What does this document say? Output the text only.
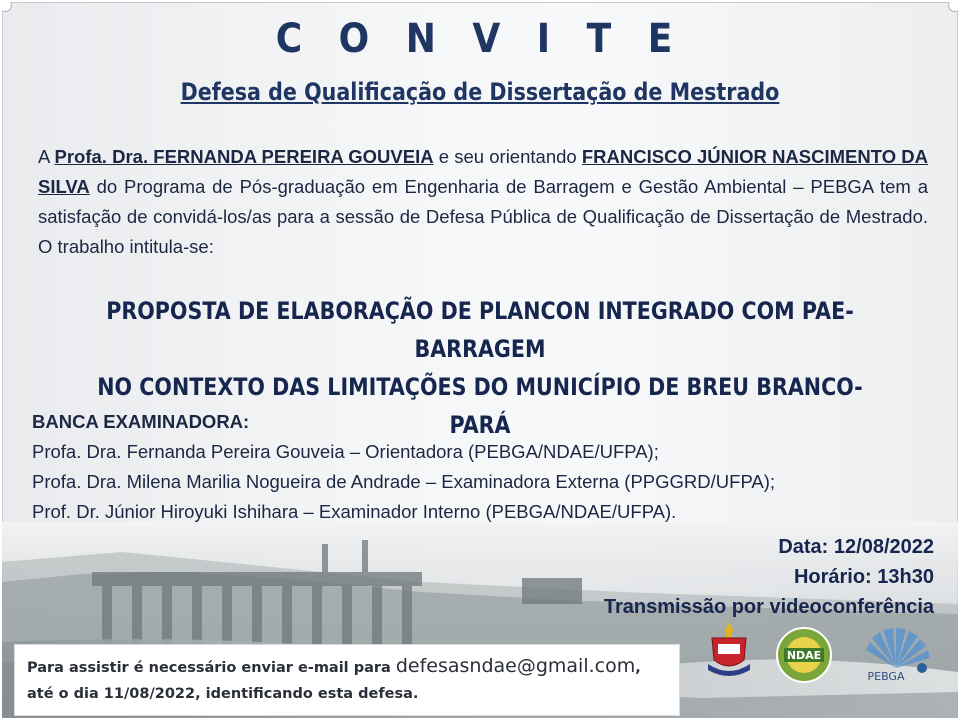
C O N V I T E
Defesa de Qualificação de Dissertação de Mestrado
A Profa. Dra. FERNANDA PEREIRA GOUVEIA e seu orientando FRANCISCO JÚNIOR NASCIMENTO DA SILVA do Programa de Pós-graduação em Engenharia de Barragem e Gestão Ambiental – PEBGA tem a satisfação de convidá-los/as para a sessão de Defesa Pública de Qualificação de Dissertação de Mestrado. O trabalho intitula-se:
PROPOSTA DE ELABORAÇÃO DE PLANCON INTEGRADO COM PAE-BARRAGEM
NO CONTEXTO DAS LIMITAÇÕES DO MUNICÍPIO DE BREU BRANCO-PARÁ
BANCA EXAMINADORA:
Profa. Dra. Fernanda Pereira Gouveia – Orientadora (PEBGA/NDAE/UFPA);
Profa. Dra. Milena Marilia Nogueira de Andrade – Examinadora Externa (PPGGRD/UFPA);
Prof. Dr. Júnior Hiroyuki Ishihara – Examinador Interno (PEBGA/NDAE/UFPA).
Data: 12/08/2022
Horário: 13h30
Transmissão por videoconferência

Para assistir é necessário enviar e-mail para defesasndae@gmail.com,
até o dia 11/08/2022, identificando esta defesa.

NDAE
PEBGA
